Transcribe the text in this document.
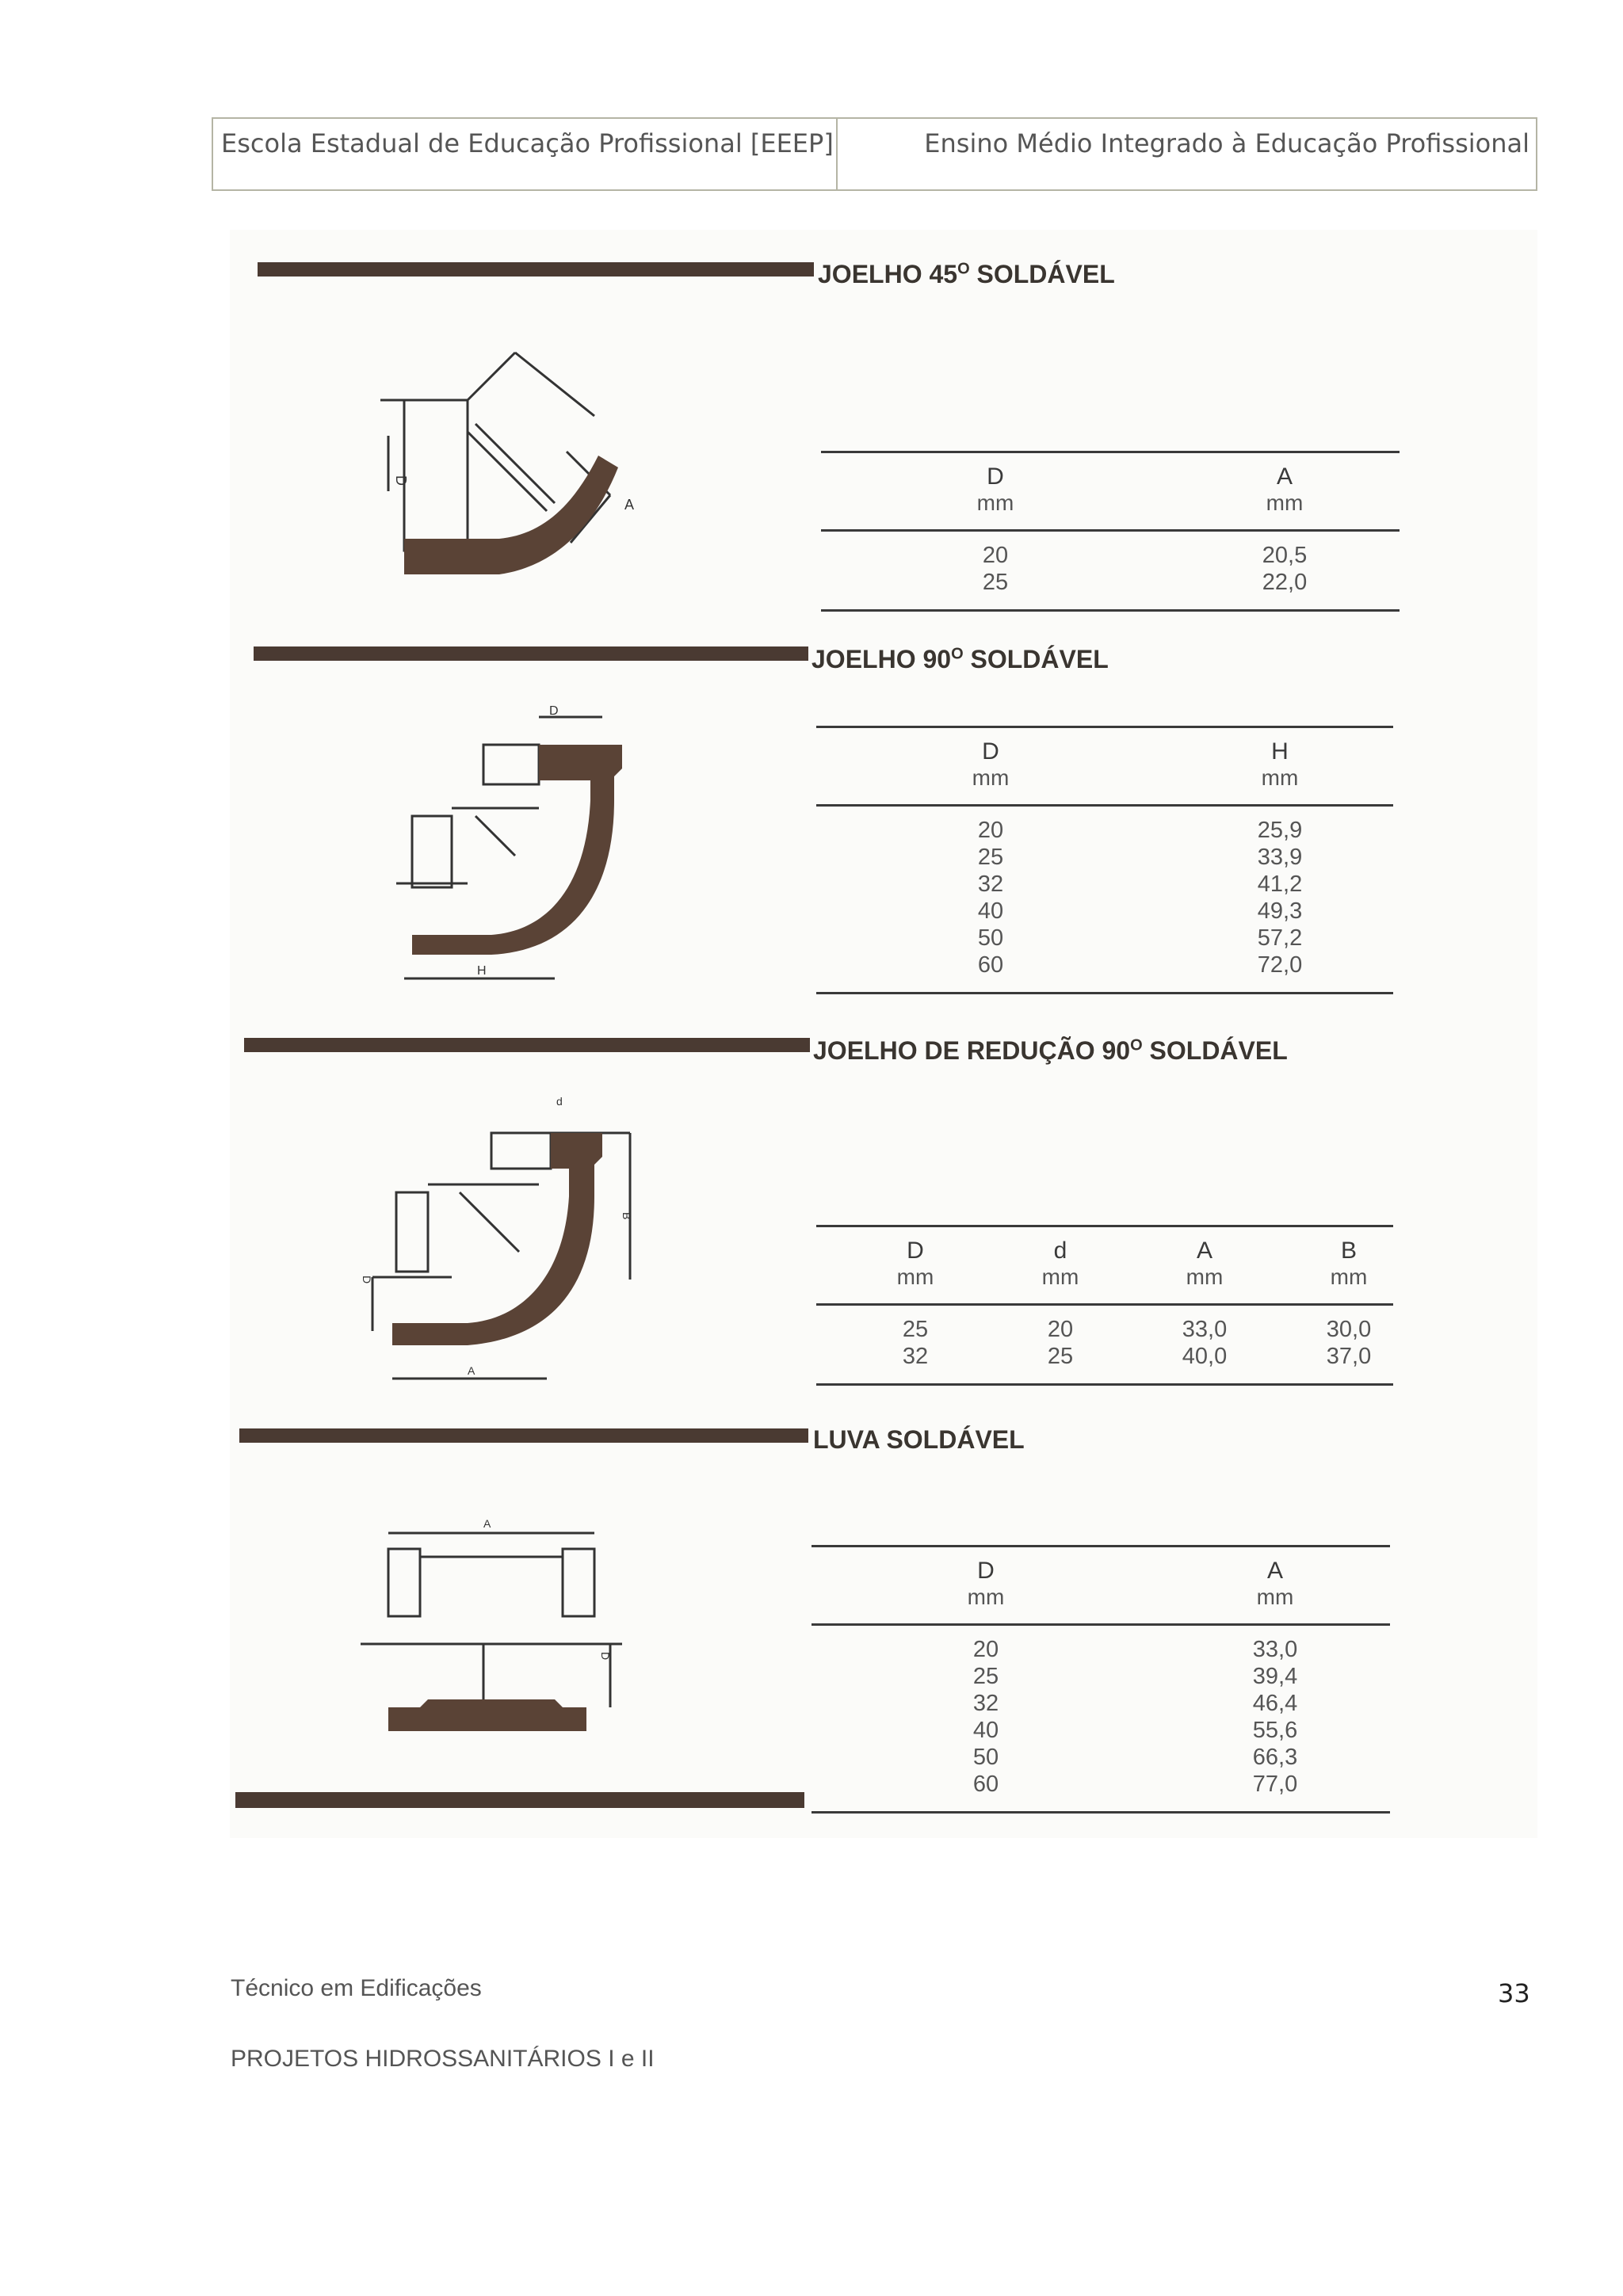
Escola Estadual de Educação Profissional [EEEP]	Ensino Médio Integrado à Educação Profissional
JOELHO $45^O$ SOLDÁVEL
D
A
D
mm
A
mm
20
25
20,5
22,0
JOELHO $90^O$ SOLDÁVEL
D
H
D
mm
H
mm
20
25
32
40
50
60
25,9
33,9
41,2
49,3
57,2
72,0
JOELHO DE REDUÇÃO $90^O$ SOLDÁVEL
d
B
D
A
D
mm
d
mm
A
mm
B
mm
25
32
20
25
33,0
40,0
30,0
37,0
LUVA SOLDÁVEL
A
D
D
mm
A
mm
20
25
32
40
50
60
33,0
39,4
46,4
55,6
66,3
77,0
Técnico em Edificações	33
PROJETOS HIDROSSANITÁRIOS I e II
